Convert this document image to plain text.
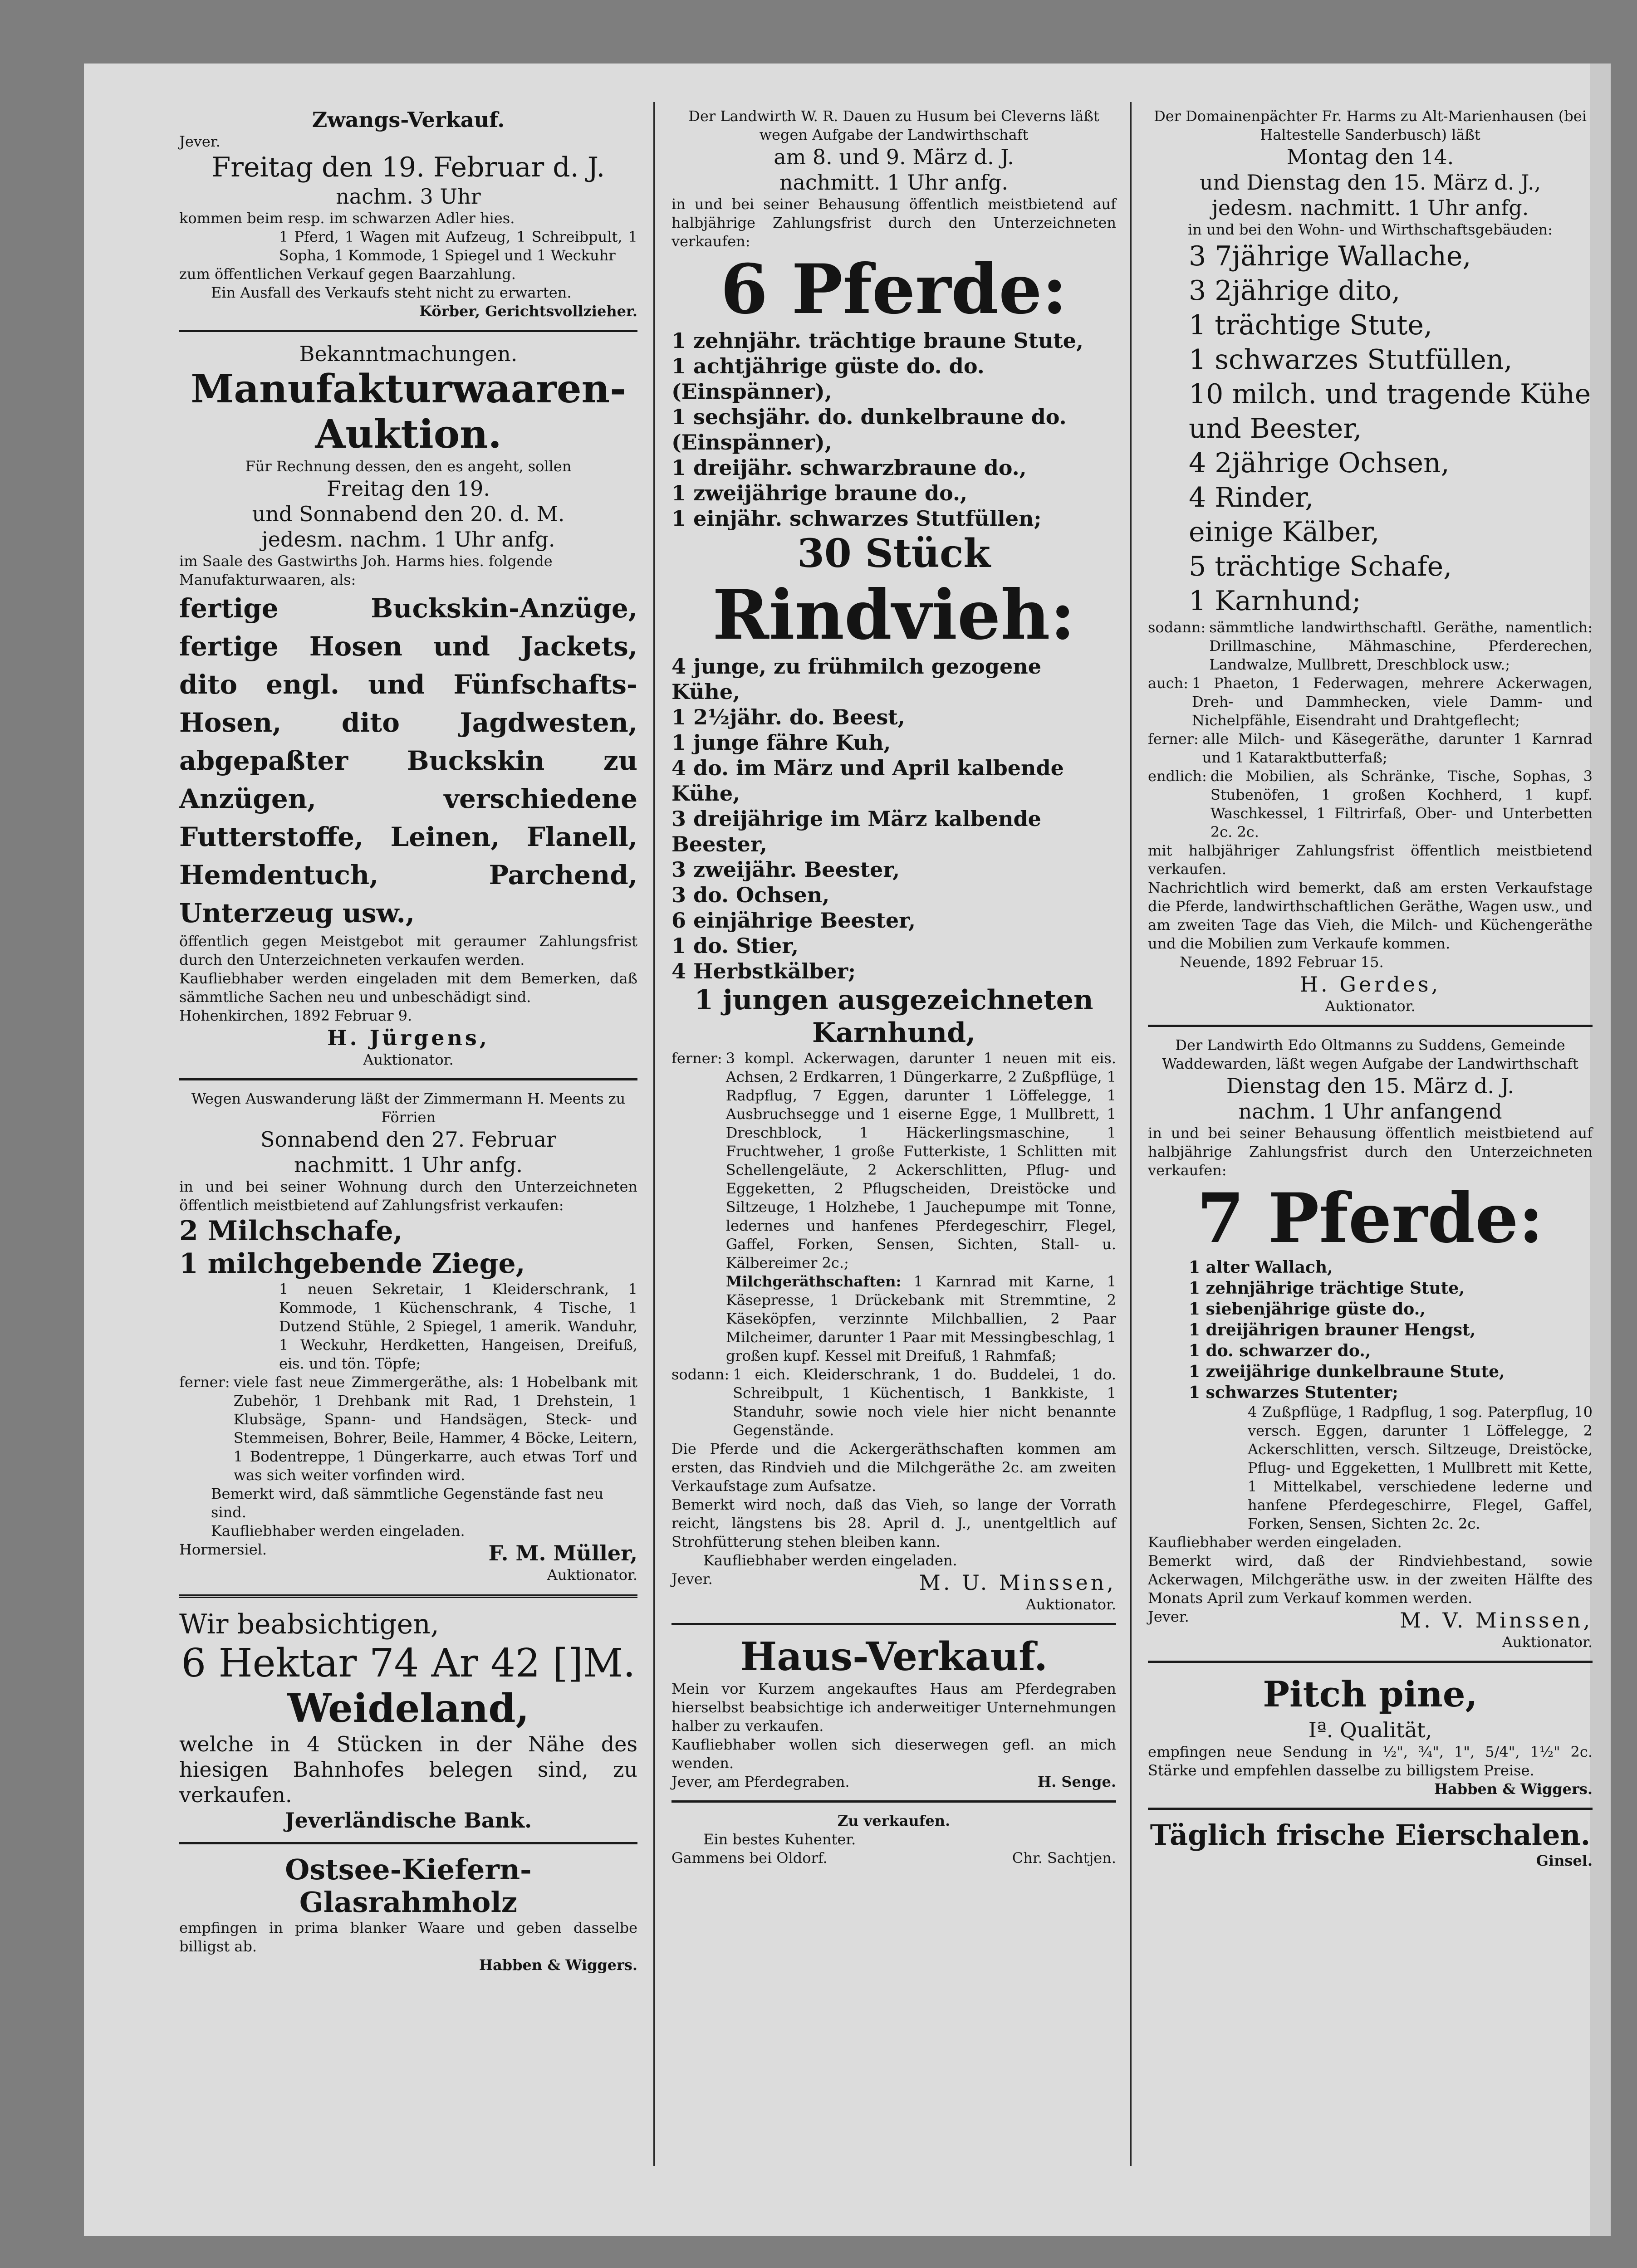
Zwangs-Verkauf.

Jever.

Freitag den 19. Februar d. J.

nachm. 3 Uhr

kommen beim resp. im schwarzen Adler hies.

1 Pferd, 1 Wagen mit Aufzeug, 1 Schreibpult, 1 Sopha, 1 Kommode, 1 Spiegel und 1 Weckuhr

zum öffentlichen Verkauf gegen Baarzahlung.

Ein Ausfall des Verkaufs steht nicht zu erwarten.

Körber, Gerichtsvollzieher.

Bekanntmachungen.

Manufakturwaaren-

Auktion.

Für Rechnung dessen, den es angeht, sollen

Freitag den 19.

und Sonnabend den 20. d. M.

jedesm. nachm. 1 Uhr anfg.

im Saale des Gastwirths Joh. Harms hies. folgende Manufakturwaaren, als:

fertige Buckskin-Anzüge, fertige Hosen und Jackets, dito engl. und Fünfschafts-Hosen, dito Jagdwesten, abgepaßter Buckskin zu Anzügen, verschiedene Futterstoffe, Leinen, Flanell, Hemdentuch, Parchend, Unterzeug usw.,

öffentlich gegen Meistgebot mit geraumer Zahlungsfrist durch den Unterzeichneten verkaufen werden.

Kaufliebhaber werden eingeladen mit dem Bemerken, daß sämmtliche Sachen neu und unbeschädigt sind.

Hohenkirchen, 1892 Februar 9.

H. Jürgens,

Auktionator.

Wegen Auswanderung läßt der Zimmermann H. Meents zu Förrien

Sonnabend den 27. Februar

nachmitt. 1 Uhr anfg.

in und bei seiner Wohnung durch den Unterzeichneten öffentlich meistbietend auf Zahlungsfrist verkaufen:

2 Milchschafe,

1 milchgebende Ziege,

1 neuen Sekretair, 1 Kleiderschrank, 1 Kommode, 1 Küchenschrank, 4 Tische, 1 Dutzend Stühle, 2 Spiegel, 1 amerik. Wanduhr, 1 Weckuhr, Herdketten, Hangeisen, Dreifuß, eis. und tön. Töpfe;

ferner: viele fast neue Zimmergeräthe, als: 1 Hobelbank mit Zubehör, 1 Drehbank mit Rad, 1 Drehstein, 1 Klubsäge, Spann- und Handsägen, Steck- und Stemmeisen, Bohrer, Beile, Hammer, 4 Böcke, Leitern, 1 Bodentreppe, 1 Düngerkarre, auch etwas Torf und was sich weiter vorfinden wird.

Bemerkt wird, daß sämmtliche Gegenstände fast neu sind.

Kaufliebhaber werden eingeladen.

Hormersiel.	F. M. Müller,

Auktionator.

Wir beabsichtigen,

6 Hektar 74 Ar 42 []M.

Weideland,

welche in 4 Stücken in der Nähe des hiesigen Bahnhofes belegen sind, zu verkaufen.

Jeverländische Bank.

Ostsee-Kiefern-Glasrahmholz

empfingen in prima blanker Waare und geben dasselbe billigst ab.

Habben & Wiggers.

Der Landwirth W. R. Dauen zu Husum bei Cleverns läßt wegen Aufgabe der Landwirthschaft

am 8. und 9. März d. J.

nachmitt. 1 Uhr anfg.

in und bei seiner Behausung öffentlich meistbietend auf halbjährige Zahlungsfrist durch den Unterzeichneten verkaufen:

6 Pferde:

1 zehnjähr. trächtige braune Stute,

1 achtjährige güste do. do. (Einspänner),

1 sechsjähr. do. dunkelbraune do. (Einspänner),

1 dreijähr. schwarzbraune do.,

1 zweijährige braune do.,

1 einjähr. schwarzes Stutfüllen;

30 Stück

Rindvieh:

4 junge, zu frühmilch gezogene Kühe,

1 2½jähr. do. Beest,

1 junge fähre Kuh,

4 do. im März und April kalbende Kühe,

3 dreijährige im März kalbende Beester,

3 zweijähr. Beester,

3 do. Ochsen,

6 einjährige Beester,

1 do. Stier,

4 Herbstkälber;

1 jungen ausgezeichneten Karnhund,

ferner: 3 kompl. Ackerwagen, darunter 1 neuen mit eis. Achsen, 2 Erdkarren, 1 Düngerkarre, 2 Zußpflüge, 1 Radpflug, 7 Eggen, darunter 1 Löffelegge, 1 Ausbruchsegge und 1 eiserne Egge, 1 Mullbrett, 1 Dreschblock, 1 Häckerlingsmaschine, 1 Fruchtweher, 1 große Futterkiste, 1 Schlitten mit Schellengeläute, 2 Ackerschlitten, Pflug- und Eggeketten, 2 Pflugscheiden, Dreistöcke und Siltzeuge, 1 Holzhebe, 1 Jauchepumpe mit Tonne, ledernes und hanfenes Pferdegeschirr, Flegel, Gaffel, Forken, Sensen, Sichten, Stall- u. Kälbereimer 2c.;

Milchgeräthschaften: 1 Karnrad mit Karne, 1 Käsepresse, 1 Drückebank mit Stremmtine, 2 Käseköpfen, verzinnte Milchballien, 2 Paar Milcheimer, darunter 1 Paar mit Messingbeschlag, 1 großen kupf. Kessel mit Dreifuß, 1 Rahmfaß;

sodann: 1 eich. Kleiderschrank, 1 do. Buddelei, 1 do. Schreibpult, 1 Küchentisch, 1 Bankkiste, 1 Standuhr, sowie noch viele hier nicht benannte Gegenstände.

Die Pferde und die Ackergeräthschaften kommen am ersten, das Rindvieh und die Milchgeräthe 2c. am zweiten Verkaufstage zum Aufsatze.

Bemerkt wird noch, daß das Vieh, so lange der Vorrath reicht, längstens bis 28. April d. J., unentgeltlich auf Strohfütterung stehen bleiben kann.

Kaufliebhaber werden eingeladen.

Jever.	M. U. Minssen,

Auktionator.

Haus-Verkauf.

Mein vor Kurzem angekauftes Haus am Pferdegraben hierselbst beabsichtige ich anderweitiger Unternehmungen halber zu verkaufen.

Kaufliebhaber wollen sich dieserwegen gefl. an mich wenden.

Jever, am Pferdegraben.	H. Senge.

Zu verkaufen.

Ein bestes Kuhenter.

Gammens bei Oldorf.	Chr. Sachtjen.

Der Domainenpächter Fr. Harms zu Alt-Marienhausen (bei Haltestelle Sanderbusch) läßt

Montag den 14.

und Dienstag den 15. März d. J.,

jedesm. nachmitt. 1 Uhr anfg.

in und bei den Wohn- und Wirthschaftsgebäuden:

3 7jährige Wallache,

3 2jährige dito,

1 trächtige Stute,

1 schwarzes Stutfüllen,

10 milch. und tragende Kühe und Beester,

4 2jährige Ochsen,

4 Rinder,

einige Kälber,

5 trächtige Schafe,

1 Karnhund;

sodann: sämmtliche landwirthschaftl. Geräthe, namentlich: Drillmaschine, Mähmaschine, Pferderechen, Landwalze, Mullbrett, Dreschblock usw.;
auch: 1 Phaeton, 1 Federwagen, mehrere Ackerwagen, Dreh- und Dammhecken, viele Damm- und Nichelpfähle, Eisendraht und Drahtgeflecht;
ferner: alle Milch- und Käsegeräthe, darunter 1 Karnrad und 1 Kataraktbutterfaß;
endlich: die Mobilien, als Schränke, Tische, Sophas, 3 Stubenöfen, 1 großen Kochherd, 1 kupf. Waschkessel, 1 Filtrirfaß, Ober- und Unterbetten 2c. 2c.

mit halbjähriger Zahlungsfrist öffentlich meistbietend verkaufen.

Nachrichtlich wird bemerkt, daß am ersten Verkaufstage die Pferde, landwirthschaftlichen Geräthe, Wagen usw., und am zweiten Tage das Vieh, die Milch- und Küchengeräthe und die Mobilien zum Verkaufe kommen.

Neuende, 1892 Februar 15.

H. Gerdes,

Auktionator.

Der Landwirth Edo Oltmanns zu Suddens, Gemeinde Waddewarden, läßt wegen Aufgabe der Landwirthschaft

Dienstag den 15. März d. J.

nachm. 1 Uhr anfangend

in und bei seiner Behausung öffentlich meistbietend auf halbjährige Zahlungsfrist durch den Unterzeichneten verkaufen:

7 Pferde:

1 alter Wallach,

1 zehnjährige trächtige Stute,

1 siebenjährige güste do.,

1 dreijährigen brauner Hengst,

1 do. schwarzer do.,

1 zweijährige dunkelbraune Stute,

1 schwarzes Stutenter;

4 Zußpflüge, 1 Radpflug, 1 sog. Paterpflug, 10 versch. Eggen, darunter 1 Löffelegge, 2 Ackerschlitten, versch. Siltzeuge, Dreistöcke, Pflug- und Eggeketten, 1 Mullbrett mit Kette, 1 Mittelkabel, verschiedene lederne und hanfene Pferdegeschirre, Flegel, Gaffel, Forken, Sensen, Sichten 2c. 2c.

Kaufliebhaber werden eingeladen.

Bemerkt wird, daß der Rindviehbestand, sowie Ackerwagen, Milchgeräthe usw. in der zweiten Hälfte des Monats April zum Verkauf kommen werden.

Jever.	M. V. Minssen,

Auktionator.

Pitch pine,

Iª. Qualität,

empfingen neue Sendung in ½", ¾", 1", 5/4", 1½" 2c. Stärke und empfehlen dasselbe zu billigstem Preise.

Habben & Wiggers.

Täglich frische Eierschalen.

Ginsel.
